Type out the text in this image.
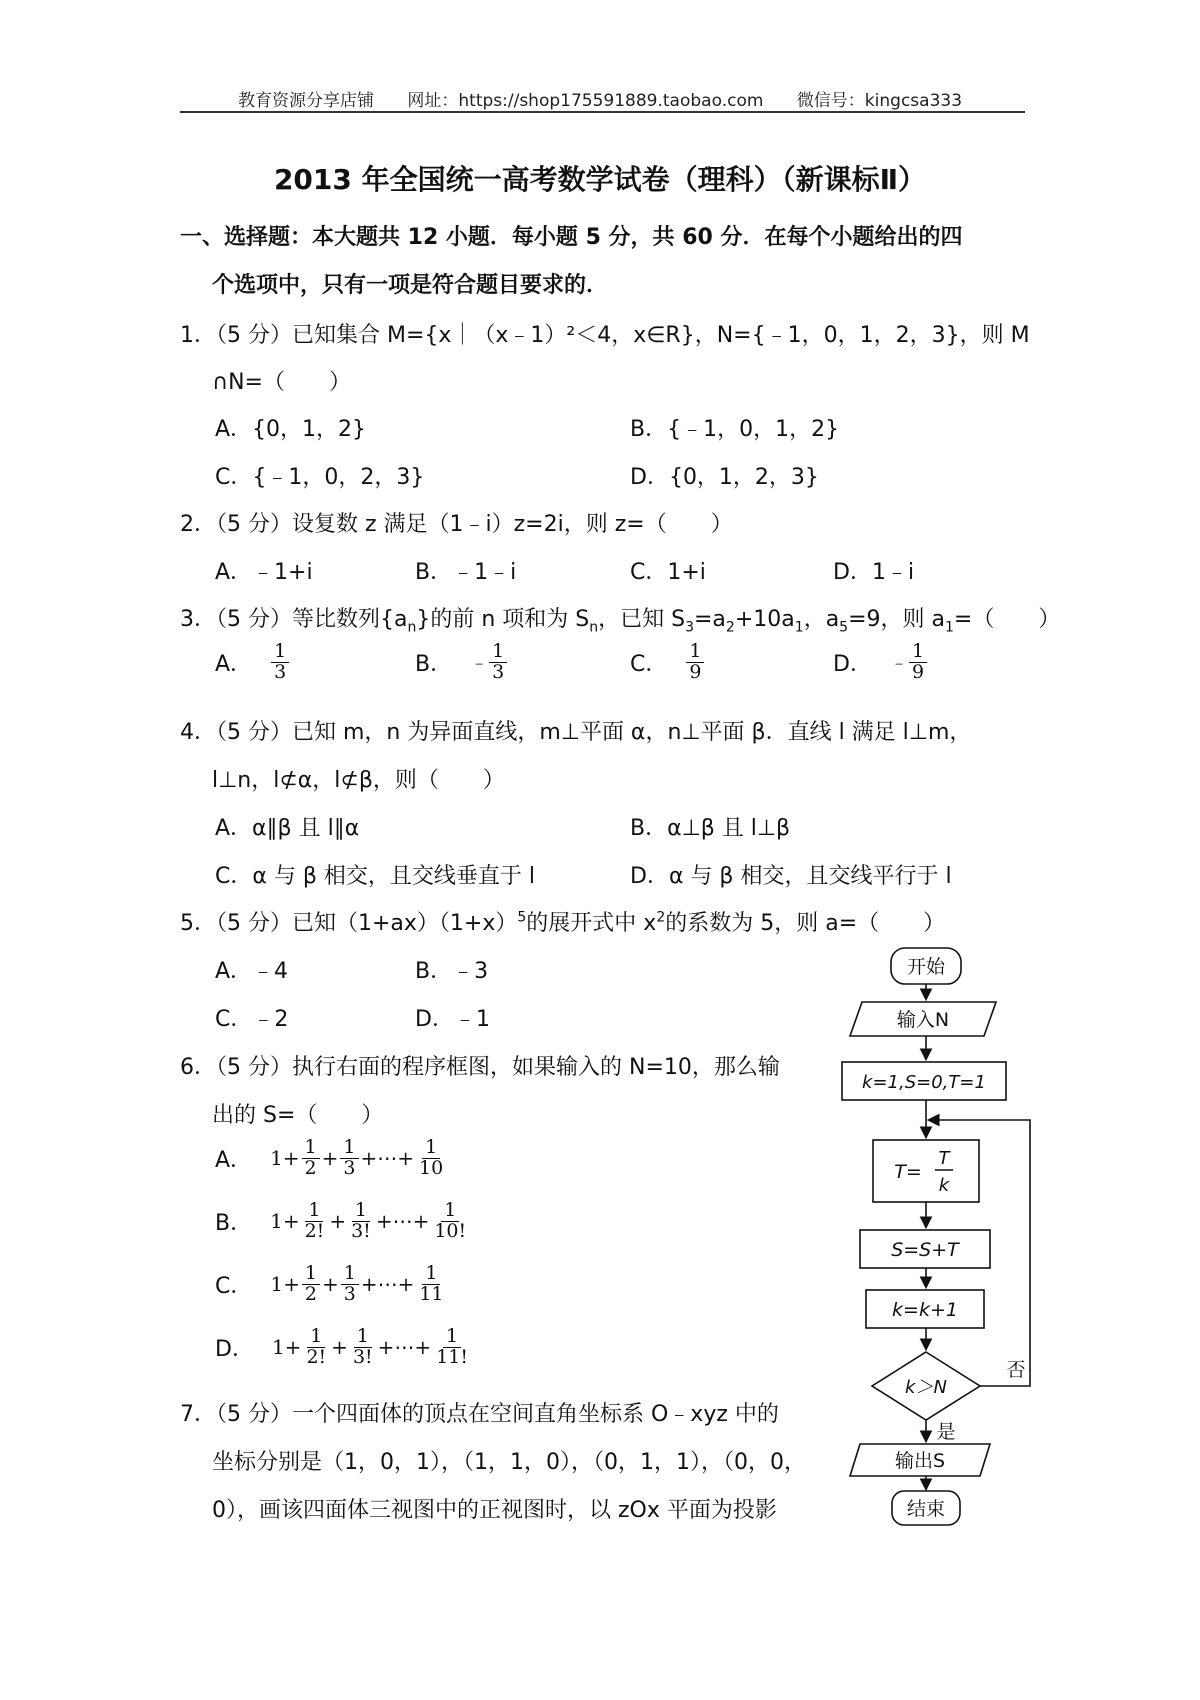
教育资源分享店铺 网址：https://shop175591889.taobao.com 微信号：kingcsa333
2013 年全国统一高考数学试卷（理科）（新课标Ⅱ）
一、选择题：本大题共 12 小题．每小题 5 分，共 60 分．在每个小题给出的四
个选项中，只有一项是符合题目要求的．
1．（5 分）已知集合 M={x｜（x﹣1）²＜4，x∈R}，N={﹣1，0，1，2，3}，则 M
∩N=（　　）
A．{0，1，2}	B．{﹣1，0，1，2}
C．{﹣1，0，2，3}	D．{0，1，2，3}
2．（5 分）设复数 z 满足（1﹣i）z=2i，则 z=（　　）
A．﹣1+i	B．﹣1﹣i	C．1+i	D．1﹣i
3．（5 分）等比数列$\{a_n\}$的前 n 项和为 $S_n$，已知 $S_3=a_2+10a_1$，$a_5=9$，则 $a_1=$（　　）
A． $\frac{1}{3}$	B． ﹣ $\frac{1}{3}$	C． $\frac{1}{9}$	D． ﹣ $\frac{1}{9}$
4．（5 分）已知 m，n 为异面直线，m⊥平面 α，n⊥平面 β．直线 l 满足 l⊥m，
l⊥n，l⊄α，l⊄β，则（　　）
A．α∥β 且 l∥α	B．α⊥β 且 l⊥β
C．α 与 β 相交，且交线垂直于 l	D．α 与 β 相交，且交线平行于 l
5．（5 分）已知$(1+ax)(1+x)^5$的展开式中 $x^2$的系数为 5，则 a=（　　）
A．﹣4	B．﹣3
C．﹣2	D．﹣1
6．（5 分）执行右面的程序框图，如果输入的 N=10，那么输
出的 S=（　　）
A． $1+ \frac{1}{2} + \frac{1}{3}$ +⋯+ $\frac{1}{10}$
B． $1+ \frac{1}{2!} + \frac{1}{3!}$ +⋯+ $\frac{1}{10!}$
C． $1+ \frac{1}{2} + \frac{1}{3}$ +⋯+ $\frac{1}{11}$
D． $1+ \frac{1}{2!} + \frac{1}{3!}$ +⋯+ $\frac{1}{11!}$
7．（5 分）一个四面体的顶点在空间直角坐标系 O﹣xyz 中的
坐标分别是（1，0，1），（1，1，0），（0，1，1），（0，0，
0），画该四面体三视图中的正视图时，以 zOx 平面为投影
开始
输入N
k=1,S=0,T=1
T=
T
k
S=S+T
k=k+1
k＞N
否
是
输出S
结束
